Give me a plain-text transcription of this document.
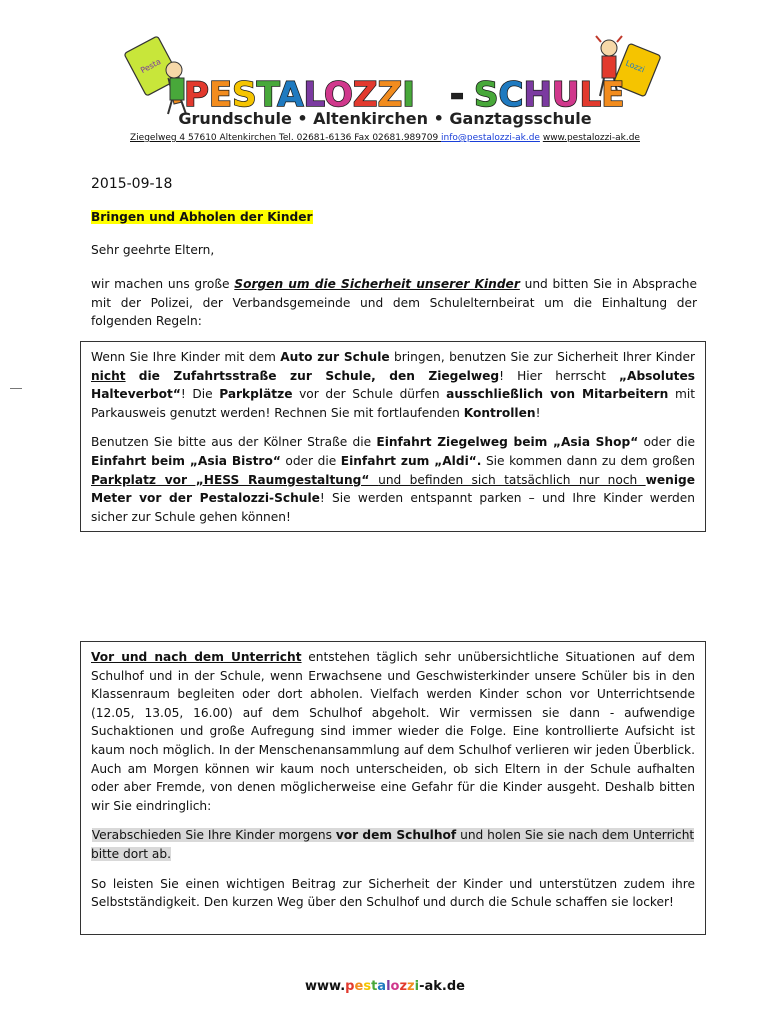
Pesta	Lozzi
PESTALOZZI - SCHULE
Grundschule • Altenkirchen • Ganztagsschule
Ziegelweg 4 57610 Altenkirchen Tel. 02681-6136 Fax 02681.989709 info@pestalozzi-ak.de www.pestalozzi-ak.de
2015-09-18
Bringen und Abholen der Kinder
Sehr geehrte Eltern,
wir machen uns große Sorgen um die Sicherheit unserer Kinder und bitten Sie in Absprache mit der Polizei, der Verbandsgemeinde und dem Schulelternbeirat um die Einhaltung der folgenden Regeln:

Wenn Sie Ihre Kinder mit dem Auto zur Schule bringen, benutzen Sie zur Sicherheit Ihrer Kinder nicht die Zufahrtsstraße zur Schule, den Ziegelweg! Hier herrscht „Absolutes Halteverbot“! Die Parkplätze vor der Schule dürfen ausschließlich von Mitarbeitern mit Parkausweis genutzt werden! Rechnen Sie mit fortlaufenden Kontrollen!

Benutzen Sie bitte aus der Kölner Straße die Einfahrt Ziegelweg beim „Asia Shop“ oder die Einfahrt beim „Asia Bistro“ oder die Einfahrt zum „Aldi“. Sie kommen dann zu dem großen Parkplatz vor „HESS Raumgestaltung“ und befinden sich tatsächlich nur noch wenige Meter vor der Pestalozzi-Schule! Sie werden entspannt parken – und Ihre Kinder werden sicher zur Schule gehen können!

Vor und nach dem Unterricht entstehen täglich sehr unübersichtliche Situationen auf dem Schulhof und in der Schule, wenn Erwachsene und Geschwisterkinder unsere Schüler bis in den Klassenraum begleiten oder dort abholen. Vielfach werden Kinder schon vor Unterrichtsende (12.05, 13.05, 16.00) auf dem Schulhof abgeholt. Wir vermissen sie dann - aufwendige Suchaktionen und große Aufregung sind immer wieder die Folge. Eine kontrollierte Aufsicht ist kaum noch möglich. In der Menschenansammlung auf dem Schulhof verlieren wir jeden Überblick. Auch am Morgen können wir kaum noch unterscheiden, ob sich Eltern in der Schule aufhalten oder aber Fremde, von denen möglicherweise eine Gefahr für die Kinder ausgeht. Deshalb bitten wir Sie eindringlich:

Verabschieden Sie Ihre Kinder morgens vor dem Schulhof und holen Sie sie nach dem Unterricht bitte dort ab.

So leisten Sie einen wichtigen Beitrag zur Sicherheit der Kinder und unterstützen zudem ihre Selbstständigkeit. Den kurzen Weg über den Schulhof und durch die Schule schaffen sie locker!

www.pestalozzi-ak.de
